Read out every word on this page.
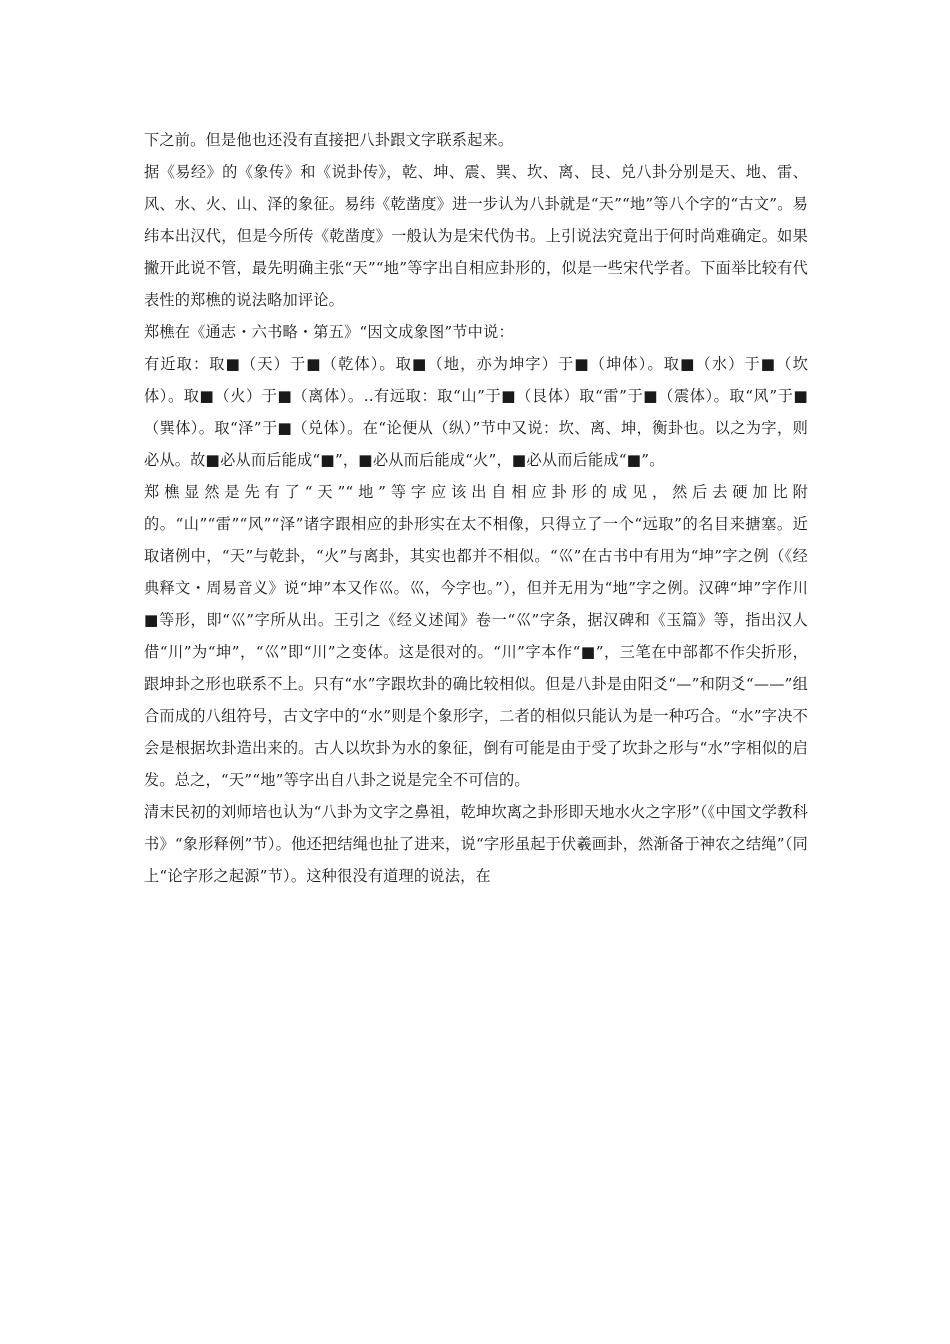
下之前。但是他也还没有直接把八卦跟文字联系起来。

据《易经》的《象传》和《说卦传》，乾、坤、震、巽、坎、离、艮、兑八卦分别是天、地、雷、风、水、火、山、泽的象征。易纬《乾凿度》进一步认为八卦就是“天”“地”等八个字的“古文”。易纬本出汉代，但是今所传《乾凿度》一般认为是宋代伪书。上引说法究竟出于何时尚难确定。如果撇开此说不管，最先明确主张“天”“地”等字出自相应卦形的，似是一些宋代学者。下面举比较有代表性的郑樵的说法略加评论。

郑樵在《通志・六书略・第五》“因文成象图”节中说：

有近取：取■（天）于■（乾体）。取■（地，亦为坤字）于■（坤体）。取■（水）于■（坎体）。取■（火）于■（离体）。..有远取：取“山”于■（艮体）取“雷”于■（震体）。取“风”于■（巽体）。取“泽”于■（兑体）。在“论便从（纵）”节中又说：坎、离、坤，衡卦也。以之为字，则必从。故■必从而后能成“■”，■必从而后能成“火”，■必从而后能成“■”。

郑樵显然是先有了“天”“地”等字应该出自相应卦形的成见，然后去硬加比附的。“山”“雷”“风”“泽”诸字跟相应的卦形实在太不相像，只得立了一个“远取”的名目来搪塞。近取诸例中，“天”与乾卦，“火”与离卦，其实也都并不相似。“巛”在古书中有用为“坤”字之例（《经典释文・周易音义》说“坤”本又作巛。巛，今字也。”），但并无用为“地”字之例。汉碑“坤”字作川■等形，即“巛”字所从出。王引之《经义述闻》卷一“巛”字条，据汉碑和《玉篇》等，指出汉人借“川”为“坤”，“巛”即“川”之变体。这是很对的。“川”字本作“■”，三笔在中部都不作尖折形，跟坤卦之形也联系不上。只有“水”字跟坎卦的确比较相似。但是八卦是由阳爻“—”和阴爻“——”组合而成的八组符号，古文字中的“水”则是个象形字，二者的相似只能认为是一种巧合。“水”字决不会是根据坎卦造出来的。古人以坎卦为水的象征，倒有可能是由于受了坎卦之形与“水”字相似的启发。总之，“天”“地”等字出自八卦之说是完全不可信的。

清末民初的刘师培也认为“八卦为文字之鼻祖，乾坤坎离之卦形即天地水火之字形”（《中国文学教科书》“象形释例”节）。他还把结绳也扯了进来，说“字形虽起于伏羲画卦，然渐备于神农之结绳”（同上“论字形之起源”节）。这种很没有道理的说法，在
